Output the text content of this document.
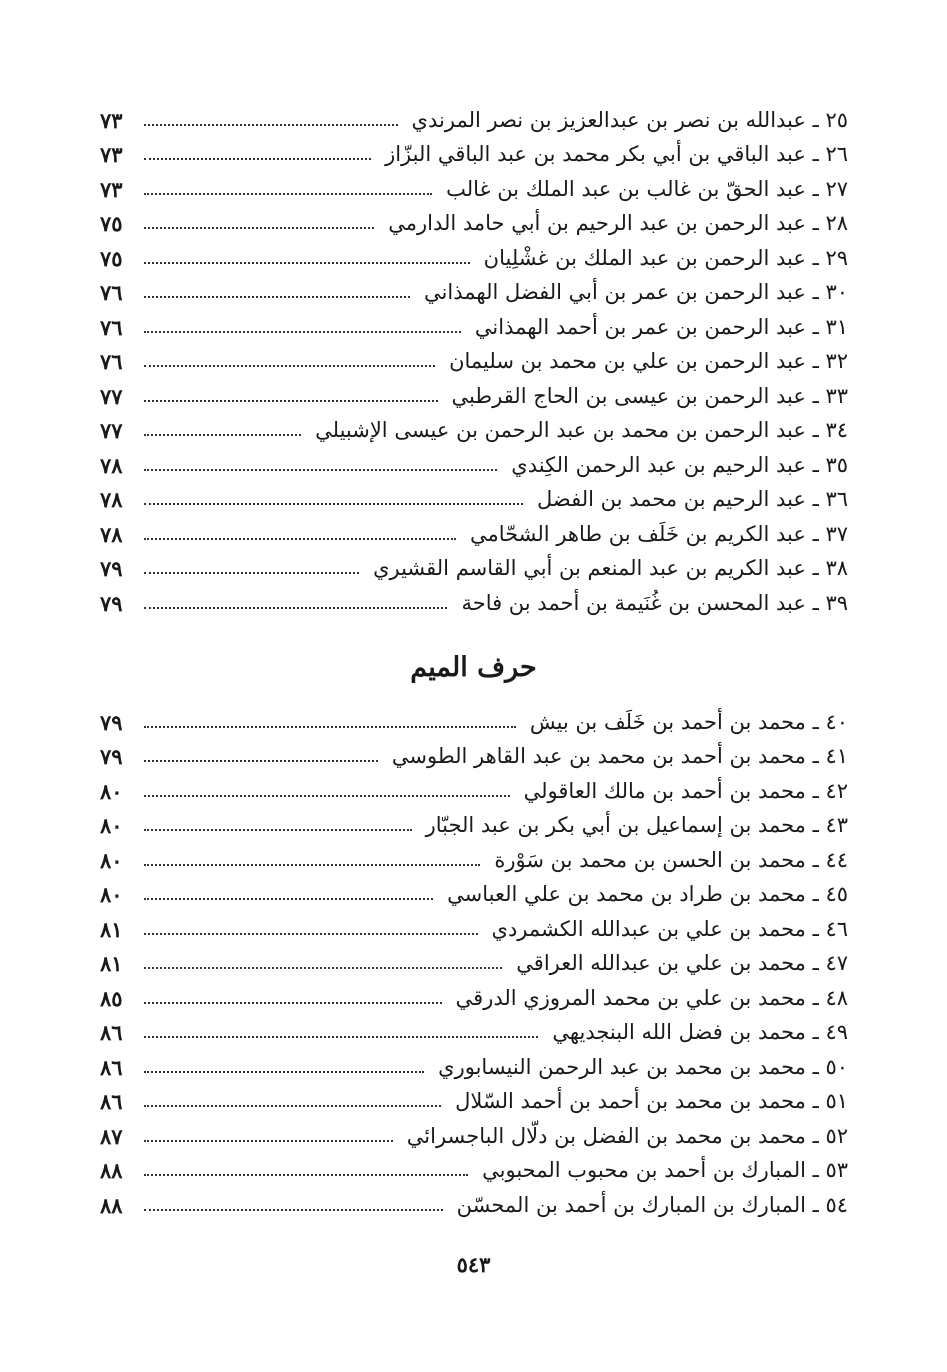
٢٥ ـ عبدالله بن نصر بن عبدالعزيز بن نصر المرندي
٧٣
٢٦ ـ عبد الباقي بن أبي بكر محمد بن عبد الباقي البزّاز
٧٣
٢٧ ـ عبد الحقّ بن غالب بن عبد الملك بن غالب
٧٣
٢٨ ـ عبد الرحمن بن عبد الرحيم بن أبي حامد الدارمي
٧٥
٢٩ ـ عبد الرحمن بن عبد الملك بن غشْلِيان
٧٥
٣٠ ـ عبد الرحمن بن عمر بن أبي الفضل الهمذاني
٧٦
٣١ ـ عبد الرحمن بن عمر بن أحمد الهمذاني
٧٦
٣٢ ـ عبد الرحمن بن علي بن محمد بن سليمان
٧٦
٣٣ ـ عبد الرحمن بن عيسى بن الحاج القرطبي
٧٧
٣٤ ـ عبد الرحمن بن محمد بن عبد الرحمن بن عيسى الإشبيلي
٧٧
٣٥ ـ عبد الرحيم بن عبد الرحمن الكِندي
٧٨
٣٦ ـ عبد الرحيم بن محمد بن الفضل
٧٨
٣٧ ـ عبد الكريم بن خَلَف بن طاهر الشحّامي
٧٨
٣٨ ـ عبد الكريم بن عبد المنعم بن أبي القاسم القشيري
٧٩
٣٩ ـ عبد المحسن بن غُنَيمة بن أحمد بن فاحة
٧٩
حرف الميم
٤٠ ـ محمد بن أحمد بن خَلَف بن بيش
٧٩
٤١ ـ محمد بن أحمد بن محمد بن عبد القاهر الطوسي
٧٩
٤٢ ـ محمد بن أحمد بن مالك العاقولي
٨٠
٤٣ ـ محمد بن إسماعيل بن أبي بكر بن عبد الجبّار
٨٠
٤٤ ـ محمد بن الحسن بن محمد بن سَوْرة
٨٠
٤٥ ـ محمد بن طراد بن محمد بن علي العباسي
٨٠
٤٦ ـ محمد بن علي بن عبدالله الكشمردي
٨١
٤٧ ـ محمد بن علي بن عبدالله العراقي
٨١
٤٨ ـ محمد بن علي بن محمد المروزي الدرقي
٨٥
٤٩ ـ محمد بن فضل الله البنجديهي
٨٦
٥٠ ـ محمد بن محمد بن عبد الرحمن النيسابوري
٨٦
٥١ ـ محمد بن محمد بن أحمد بن أحمد السّلال
٨٦
٥٢ ـ محمد بن محمد بن الفضل بن دلّال الباجسرائي
٨٧
٥٣ ـ المبارك بن أحمد بن محبوب المحبوبي
٨٨
٥٤ ـ المبارك بن المبارك بن أحمد بن المحسّن
٨٨
٥٤٣
